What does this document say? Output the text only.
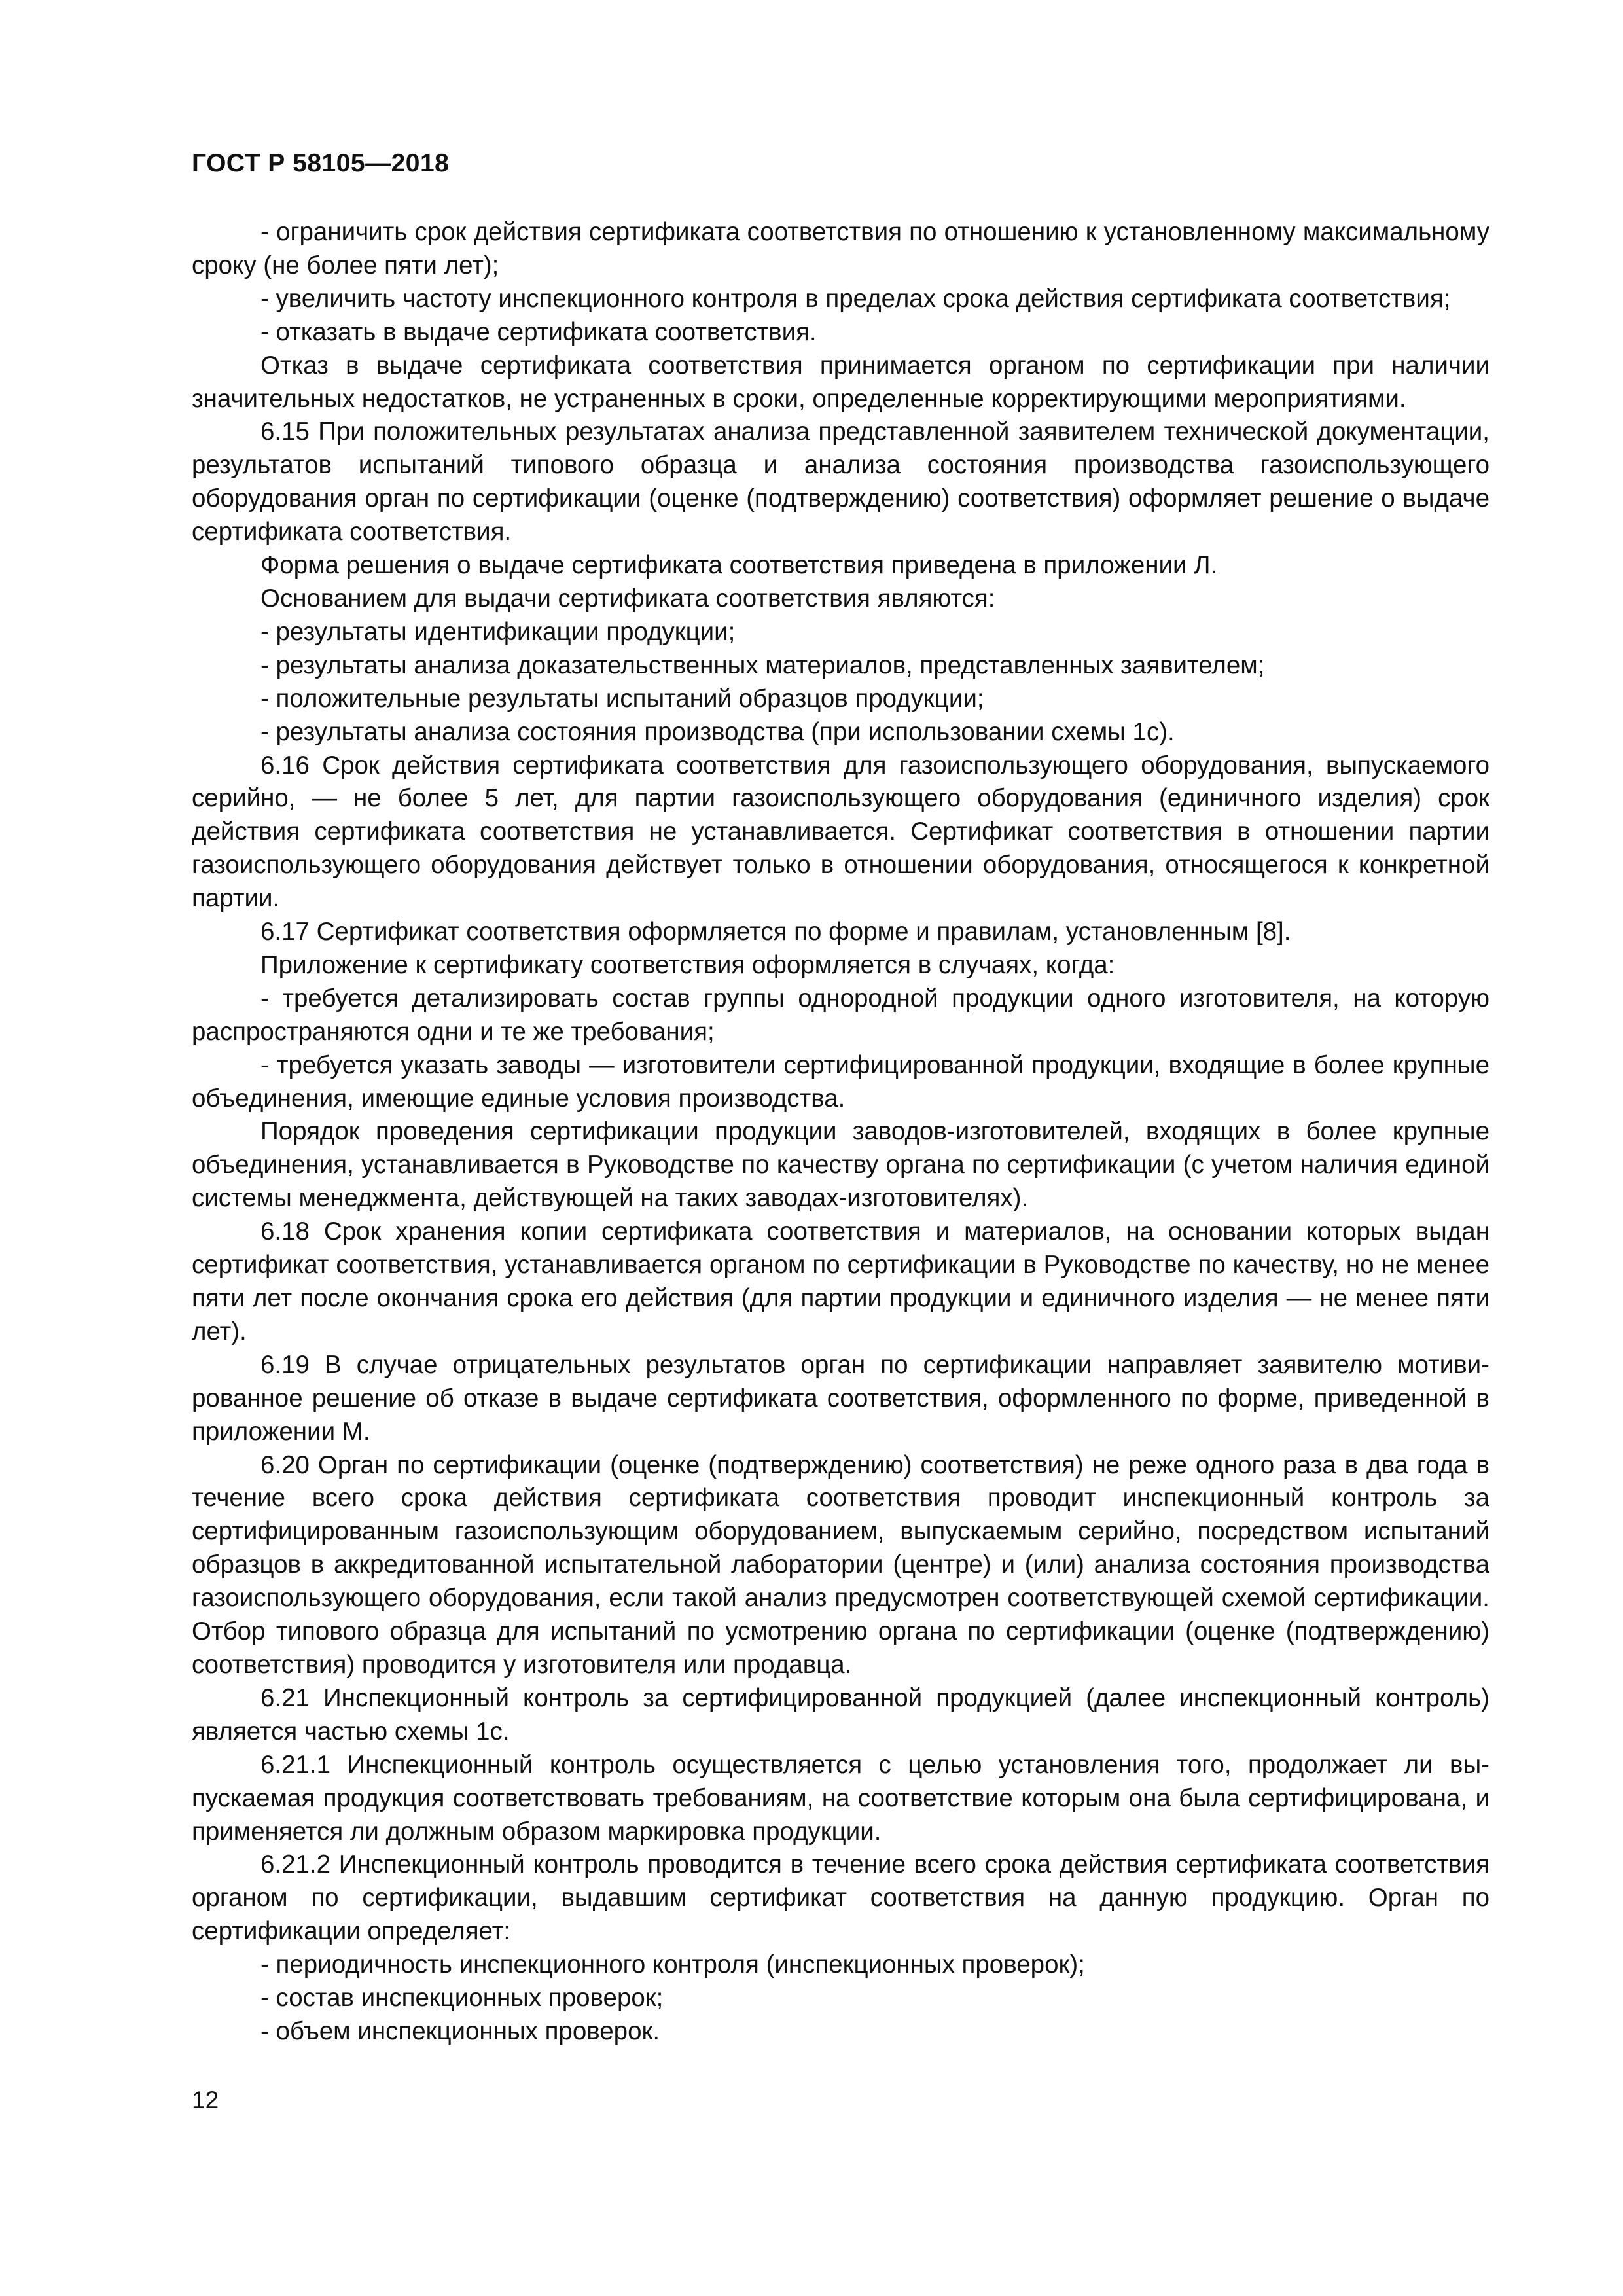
ГОСТ Р 58105—2018

- ограничить срок действия сертификата соответствия по отношению к установленному максимальному сроку (не более пяти лет);

- увеличить частоту инспекционного контроля в пределах срока действия сертификата соответствия;

- отказать в выдаче сертификата соответствия.

Отказ в выдаче сертификата соответствия принимается органом по сертификации при наличии значительных недостатков, не устраненных в сроки, определенные корректирующими мероприятиями.

6.15 При положительных результатах анализа представленной заявителем технической документации, результатов испытаний типового образца и анализа состояния производства газоиспользующего оборудования орган по сертификации (оценке (подтверждению) соответствия) оформляет решение о выдаче сертификата соответствия.

Форма решения о выдаче сертификата соответствия приведена в приложении Л.

Основанием для выдачи сертификата соответствия являются:

- результаты идентификации продукции;

- результаты анализа доказательственных материалов, представленных заявителем;

- положительные результаты испытаний образцов продукции;

- результаты анализа состояния производства (при использовании схемы 1с).

6.16 Срок действия сертификата соответствия для газоиспользующего оборудования, выпускаемого серийно, — не более 5 лет, для партии газоиспользующего оборудования (единичного изделия) срок действия сертификата соответствия не устанавливается. Сертификат соответствия в отношении партии газоиспользующего оборудования действует только в отношении оборудования, относящегося к конкретной партии.

6.17 Сертификат соответствия оформляется по форме и правилам, установленным [8].

Приложение к сертификату соответствия оформляется в случаях, когда:

- требуется детализировать состав группы однородной продукции одного изготовителя, на которую распространяются одни и те же требования;

- требуется указать заводы — изготовители сертифицированной продукции, входящие в более крупные объединения, имеющие единые условия производства.

Порядок проведения сертификации продукции заводов-изготовителей, входящих в более крупные объединения, устанавливается в Руководстве по качеству органа по сертификации (с учетом наличия единой системы менеджмента, действующей на таких заводах-изготовителях).

6.18 Срок хранения копии сертификата соответствия и материалов, на основании которых выдан сертификат соответствия, устанавливается органом по сертификации в Руководстве по качеству, но не менее пяти лет после окончания срока его действия (для партии продукции и единичного изделия — не менее пяти лет).

6.19 В случае отрицательных результатов орган по сертификации направляет заявителю мотивированное решение об отказе в выдаче сертификата соответствия, оформленного по форме, приведенной в приложении М.

6.20 Орган по сертификации (оценке (подтверждению) соответствия) не реже одного раза в два года в течение всего срока действия сертификата соответствия проводит инспекционный контроль за сертифицированным газоиспользующим оборудованием, выпускаемым серийно, посредством испытаний образцов в аккредитованной испытательной лаборатории (центре) и (или) анализа состояния производства газоиспользующего оборудования, если такой анализ предусмотрен соответствующей схемой сертификации. Отбор типового образца для испытаний по усмотрению органа по сертификации (оценке (подтверждению) соответствия) проводится у изготовителя или продавца.

6.21 Инспекционный контроль за сертифицированной продукцией (далее инспекционный контроль) является частью схемы 1с.

6.21.1 Инспекционный контроль осуществляется с целью установления того, продолжает ли выпускаемая продукция соответствовать требованиям, на соответствие которым она была сертифицирована, и применяется ли должным образом маркировка продукции.

6.21.2 Инспекционный контроль проводится в течение всего срока действия сертификата соответствия органом по сертификации, выдавшим сертификат соответствия на данную продукцию. Орган по сертификации определяет:

- периодичность инспекционного контроля (инспекционных проверок);

- состав инспекционных проверок;

- объем инспекционных проверок.

12
